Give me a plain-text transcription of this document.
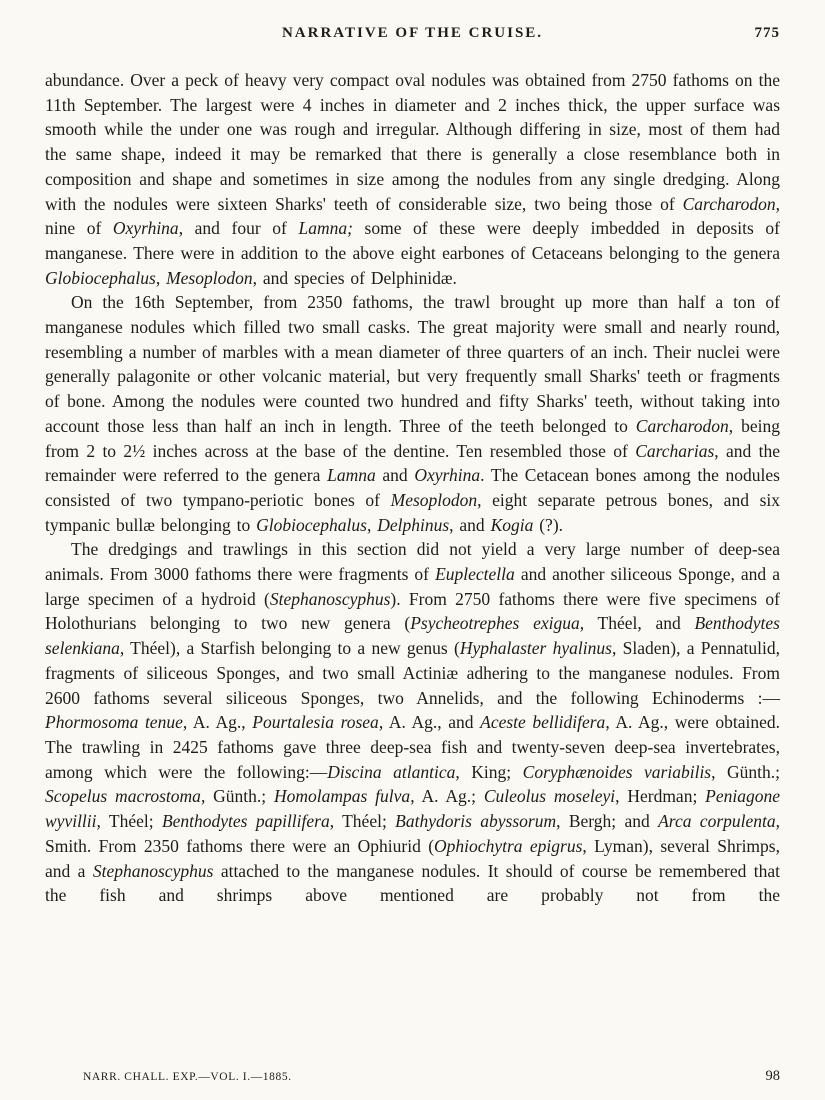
NARRATIVE OF THE CRUISE.	775

abundance. Over a peck of heavy very compact oval nodules was obtained from 2750 fathoms on the 11th September. The largest were 4 inches in diameter and 2 inches thick, the upper surface was smooth while the under one was rough and irregular. Although differing in size, most of them had the same shape, indeed it may be remarked that there is generally a close resemblance both in composition and shape and sometimes in size among the nodules from any single dredging. Along with the nodules were sixteen Sharks' teeth of considerable size, two being those of Carcharodon, nine of Oxyrhina, and four of Lamna; some of these were deeply imbedded in deposits of manganese. There were in addition to the above eight earbones of Cetaceans belonging to the genera Globiocephalus, Mesoplodon, and species of Delphinidæ.

On the 16th September, from 2350 fathoms, the trawl brought up more than half a ton of manganese nodules which filled two small casks. The great majority were small and nearly round, resembling a number of marbles with a mean diameter of three quarters of an inch. Their nuclei were generally palagonite or other volcanic material, but very frequently small Sharks' teeth or fragments of bone. Among the nodules were counted two hundred and fifty Sharks' teeth, without taking into account those less than half an inch in length. Three of the teeth belonged to Carcharodon, being from 2 to 2½ inches across at the base of the dentine. Ten resembled those of Carcharias, and the remainder were referred to the genera Lamna and Oxyrhina. The Cetacean bones among the nodules consisted of two tympano-periotic bones of Mesoplodon, eight separate petrous bones, and six tympanic bullæ belonging to Globiocephalus, Delphinus, and Kogia (?).

The dredgings and trawlings in this section did not yield a very large number of deep-sea animals. From 3000 fathoms there were fragments of Euplectella and another siliceous Sponge, and a large specimen of a hydroid (Stephanoscyphus). From 2750 fathoms there were five specimens of Holothurians belonging to two new genera (Psycheotrephes exigua, Théel, and Benthodytes selenkiana, Théel), a Starfish belonging to a new genus (Hyphalaster hyalinus, Sladen), a Pennatulid, fragments of siliceous Sponges, and two small Actiniæ adhering to the manganese nodules. From 2600 fathoms several siliceous Sponges, two Annelids, and the following Echinoderms :—Phormosoma tenue, A. Ag., Pourtalesia rosea, A. Ag., and Aceste bellidifera, A. Ag., were obtained. The trawling in 2425 fathoms gave three deep-sea fish and twenty-seven deep-sea invertebrates, among which were the following:—Discina atlantica, King; Coryphænoides variabilis, Günth.; Scopelus macrostoma, Günth.; Homolampas fulva, A. Ag.; Culeolus moseleyi, Herdman; Peniagone wyvillii, Théel; Benthodytes papillifera, Théel; Bathydoris abyssorum, Bergh; and Arca corpulenta, Smith. From 2350 fathoms there were an Ophiurid (Ophiochytra epigrus, Lyman), several Shrimps, and a Stephanoscyphus attached to the manganese nodules. It should of course be remembered that the fish and shrimps above mentioned are probably not from the

NARR. CHALL. EXP.—VOL. I.—1885.	98
